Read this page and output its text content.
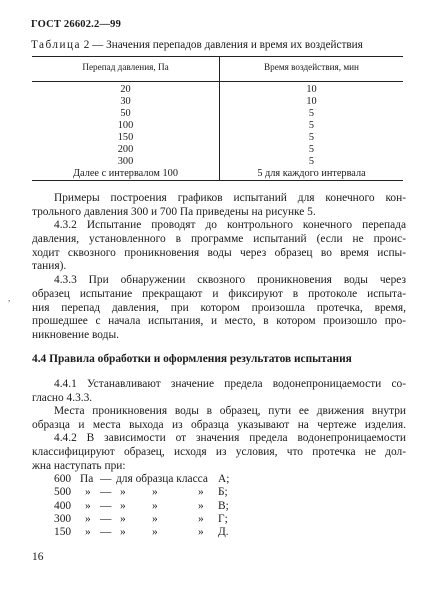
ГОСТ 26602.2—99
Таблица 2 — Значения перепадов давления и время их воздействия
Перепад давления, Па	Время воздействия, мин
20	10
30	10
50	5
100	5
150	5
200	5
300	5
Далее с интервалом 100	5 для каждого интервала
Примеры построения графиков испытаний для конечного кон-
трольного давления 300 и 700 Па приведены на рисунке 5.
4.3.2 Испытание проводят до контрольного конечного перепада
давления, установленного в программе испытаний (если не проис-
ходит сквозного проникновения воды через образец во время испы-
тания).
4.3.3 При обнаружении сквозного проникновения воды через
образец испытание прекращают и фиксируют в протоколе испыта-
ния перепад давления, при котором произошла протечка, время,
прошедшее с начала испытания, и место, в котором произошло про-
никновение воды.
,
4.4 Правила обработки и оформления результатов испытания
4.4.1 Устанавливают значение предела водонепроницаемости со-
гласно 4.3.3.
Места проникновения воды в образец, пути ее движения внутри
образца и места выхода из образца указывают на чертеже изделия.
4.4.2 В зависимости от значения предела водонепроницаемости
классифицируют образец, исходя из условия, что протечка не дол-
жна наступать при:
600 Па — для образца класса А;
500 » — » »	» Б;
400 » — » »	» В;
300 » — » »	» Г;
150 » — » »	» Д.
16
